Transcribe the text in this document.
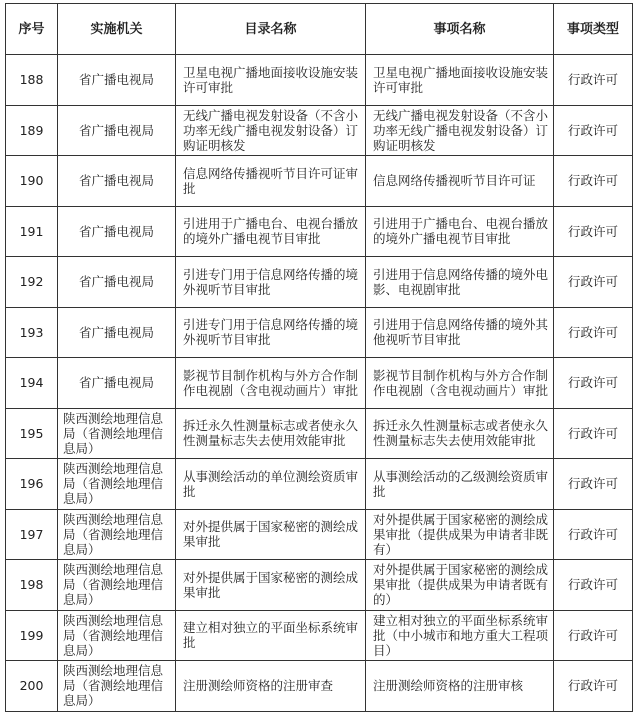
序号	实施机关	目录名称	事项名称	事项类型
188	省广播电视局	卫星电视广播地面接收设施安装许可审批	卫星电视广播地面接收设施安装许可审批	行政许可
189	省广播电视局	无线广播电视发射设备（不含小功率无线广播电视发射设备）订购证明核发	无线广播电视发射设备（不含小功率无线广播电视发射设备）订购证明核发	行政许可
190	省广播电视局	信息网络传播视听节目许可证审批	信息网络传播视听节目许可证	行政许可
191	省广播电视局	引进用于广播电台、电视台播放的境外广播电视节目审批	引进用于广播电台、电视台播放的境外广播电视节目审批	行政许可
192	省广播电视局	引进专门用于信息网络传播的境外视听节目审批	引进用于信息网络传播的境外电影、电视剧审批	行政许可
193	省广播电视局	引进专门用于信息网络传播的境外视听节目审批	引进用于信息网络传播的境外其他视听节目审批	行政许可
194	省广播电视局	影视节目制作机构与外方合作制作电视剧（含电视动画片）审批	影视节目制作机构与外方合作制作电视剧（含电视动画片）审批	行政许可
195	陕西测绘地理信息局（省测绘地理信息局）	拆迁永久性测量标志或者使永久性测量标志失去使用效能审批	拆迁永久性测量标志或者使永久性测量标志失去使用效能审批	行政许可
196	陕西测绘地理信息局（省测绘地理信息局）	从事测绘活动的单位测绘资质审批	从事测绘活动的乙级测绘资质审批	行政许可
197	陕西测绘地理信息局（省测绘地理信息局）	对外提供属于国家秘密的测绘成果审批	对外提供属于国家秘密的测绘成果审批（提供成果为申请者非既有）	行政许可
198	陕西测绘地理信息局（省测绘地理信息局）	对外提供属于国家秘密的测绘成果审批	对外提供属于国家秘密的测绘成果审批（提供成果为申请者既有的）	行政许可
199	陕西测绘地理信息局（省测绘地理信息局）	建立相对独立的平面坐标系统审批	建立相对独立的平面坐标系统审批（中小城市和地方重大工程项目）	行政许可
200	陕西测绘地理信息局（省测绘地理信息局）	注册测绘师资格的注册审查	注册测绘师资格的注册审核	行政许可
